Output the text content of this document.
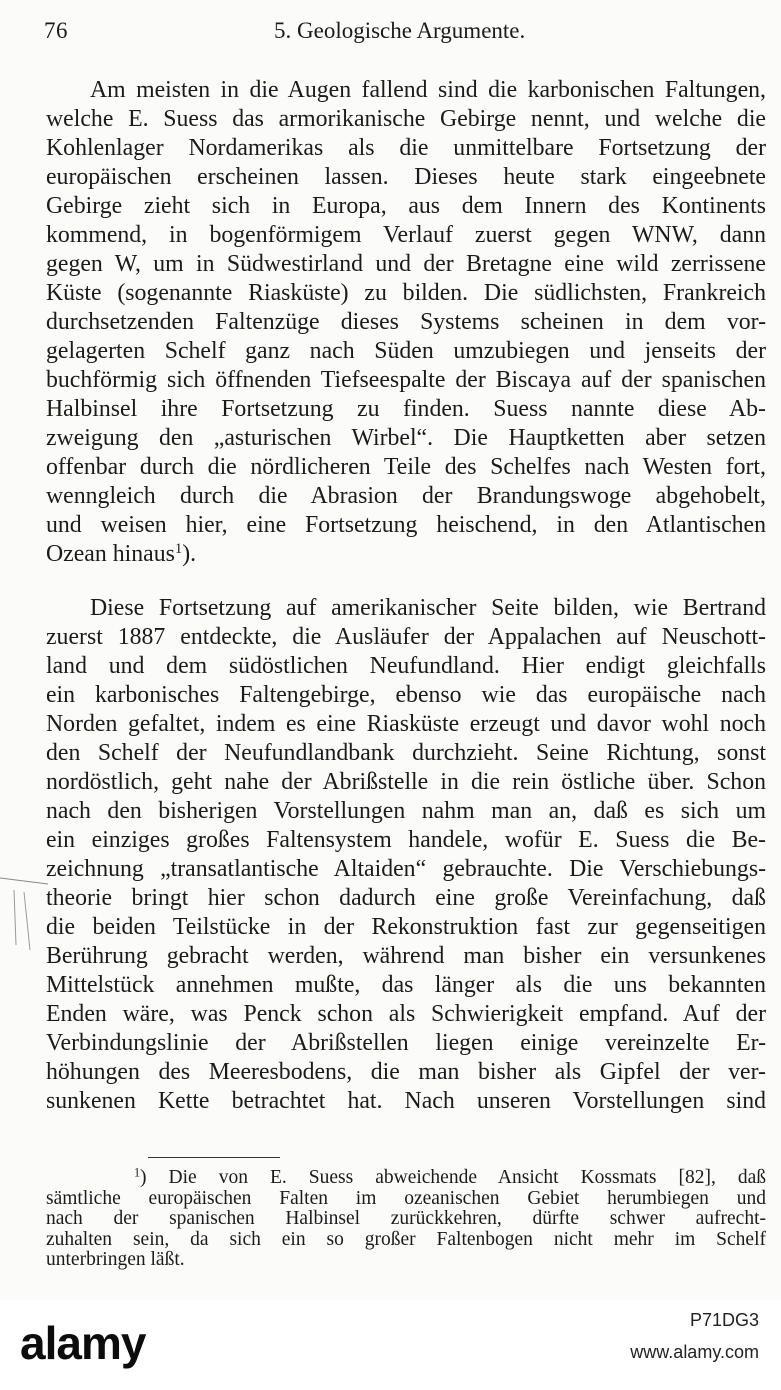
76	5. Geologische Argumente.
Am meisten in die Augen fallend sind die karbonischen Faltungen,
welche E. Suess das armorikanische Gebirge nennt, und welche die
Kohlenlager Nordamerikas als die unmittelbare Fortsetzung der
europäischen erscheinen lassen. Dieses heute stark eingeebnete
Gebirge zieht sich in Europa, aus dem Innern des Kontinents
kommend, in bogenförmigem Verlauf zuerst gegen WNW, dann
gegen W, um in Südwestirland und der Bretagne eine wild zerrissene
Küste (sogenannte Riasküste) zu bilden. Die südlichsten, Frankreich
durchsetzenden Faltenzüge dieses Systems scheinen in dem vor-
gelagerten Schelf ganz nach Süden umzubiegen und jenseits der
buchförmig sich öffnenden Tiefseespalte der Biscaya auf der spanischen
Halbinsel ihre Fortsetzung zu finden. Suess nannte diese Ab-
zweigung den „asturischen Wirbel“. Die Hauptketten aber setzen
offenbar durch die nördlicheren Teile des Schelfes nach Westen fort,
wenngleich durch die Abrasion der Brandungswoge abgehobelt,
und weisen hier, eine Fortsetzung heischend, in den Atlantischen
Ozean hinaus$^1$).
Diese Fortsetzung auf amerikanischer Seite bilden, wie Bertrand
zuerst 1887 entdeckte, die Ausläufer der Appalachen auf Neuschott-
land und dem südöstlichen Neufundland. Hier endigt gleichfalls
ein karbonisches Faltengebirge, ebenso wie das europäische nach
Norden gefaltet, indem es eine Riasküste erzeugt und davor wohl noch
den Schelf der Neufundlandbank durchzieht. Seine Richtung, sonst
nordöstlich, geht nahe der Abrißstelle in die rein östliche über. Schon
nach den bisherigen Vorstellungen nahm man an, daß es sich um
ein einziges großes Faltensystem handele, wofür E. Suess die Be-
zeichnung „transatlantische Altaiden“ gebrauchte. Die Verschiebungs-
theorie bringt hier schon dadurch eine große Vereinfachung, daß
die beiden Teilstücke in der Rekonstruktion fast zur gegenseitigen
Berührung gebracht werden, während man bisher ein versunkenes
Mittelstück annehmen mußte, das länger als die uns bekannten
Enden wäre, was Penck schon als Schwierigkeit empfand. Auf der
Verbindungslinie der Abrißstellen liegen einige vereinzelte Er-
höhungen des Meeresbodens, die man bisher als Gipfel der ver-
sunkenen Kette betrachtet hat. Nach unseren Vorstellungen sind
$^1$) Die von E. Suess abweichende Ansicht Kossmats [82], daß
sämtliche europäischen Falten im ozeanischen Gebiet herumbiegen und
nach der spanischen Halbinsel zurückkehren, dürfte schwer aufrecht-
zuhalten sein, da sich ein so großer Faltenbogen nicht mehr im Schelf
unterbringen läßt.
alamy	P71DG3
www.alamy.com
